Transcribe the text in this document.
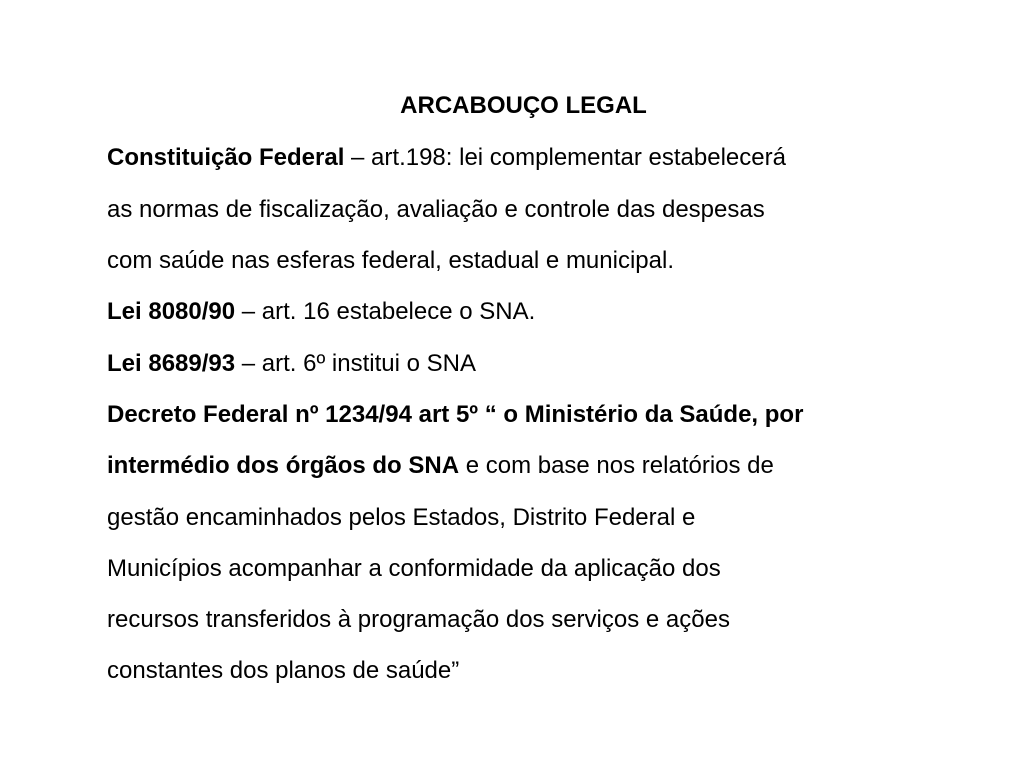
ARCABOUÇO LEGAL
Constituição Federal – art.198: lei complementar estabelecerá
as normas de fiscalização, avaliação e controle das despesas
com saúde nas esferas federal, estadual e municipal.
Lei 8080/90 – art. 16 estabelece o SNA.
Lei 8689/93 – art. 6º institui o SNA
Decreto Federal nº 1234/94 art 5º “ o Ministério da Saúde, por
intermédio dos órgãos do SNA e com base nos relatórios de
gestão encaminhados pelos Estados, Distrito Federal e
Municípios acompanhar a conformidade da aplicação dos
recursos transferidos à programação dos serviços e ações
constantes dos planos de saúde”
